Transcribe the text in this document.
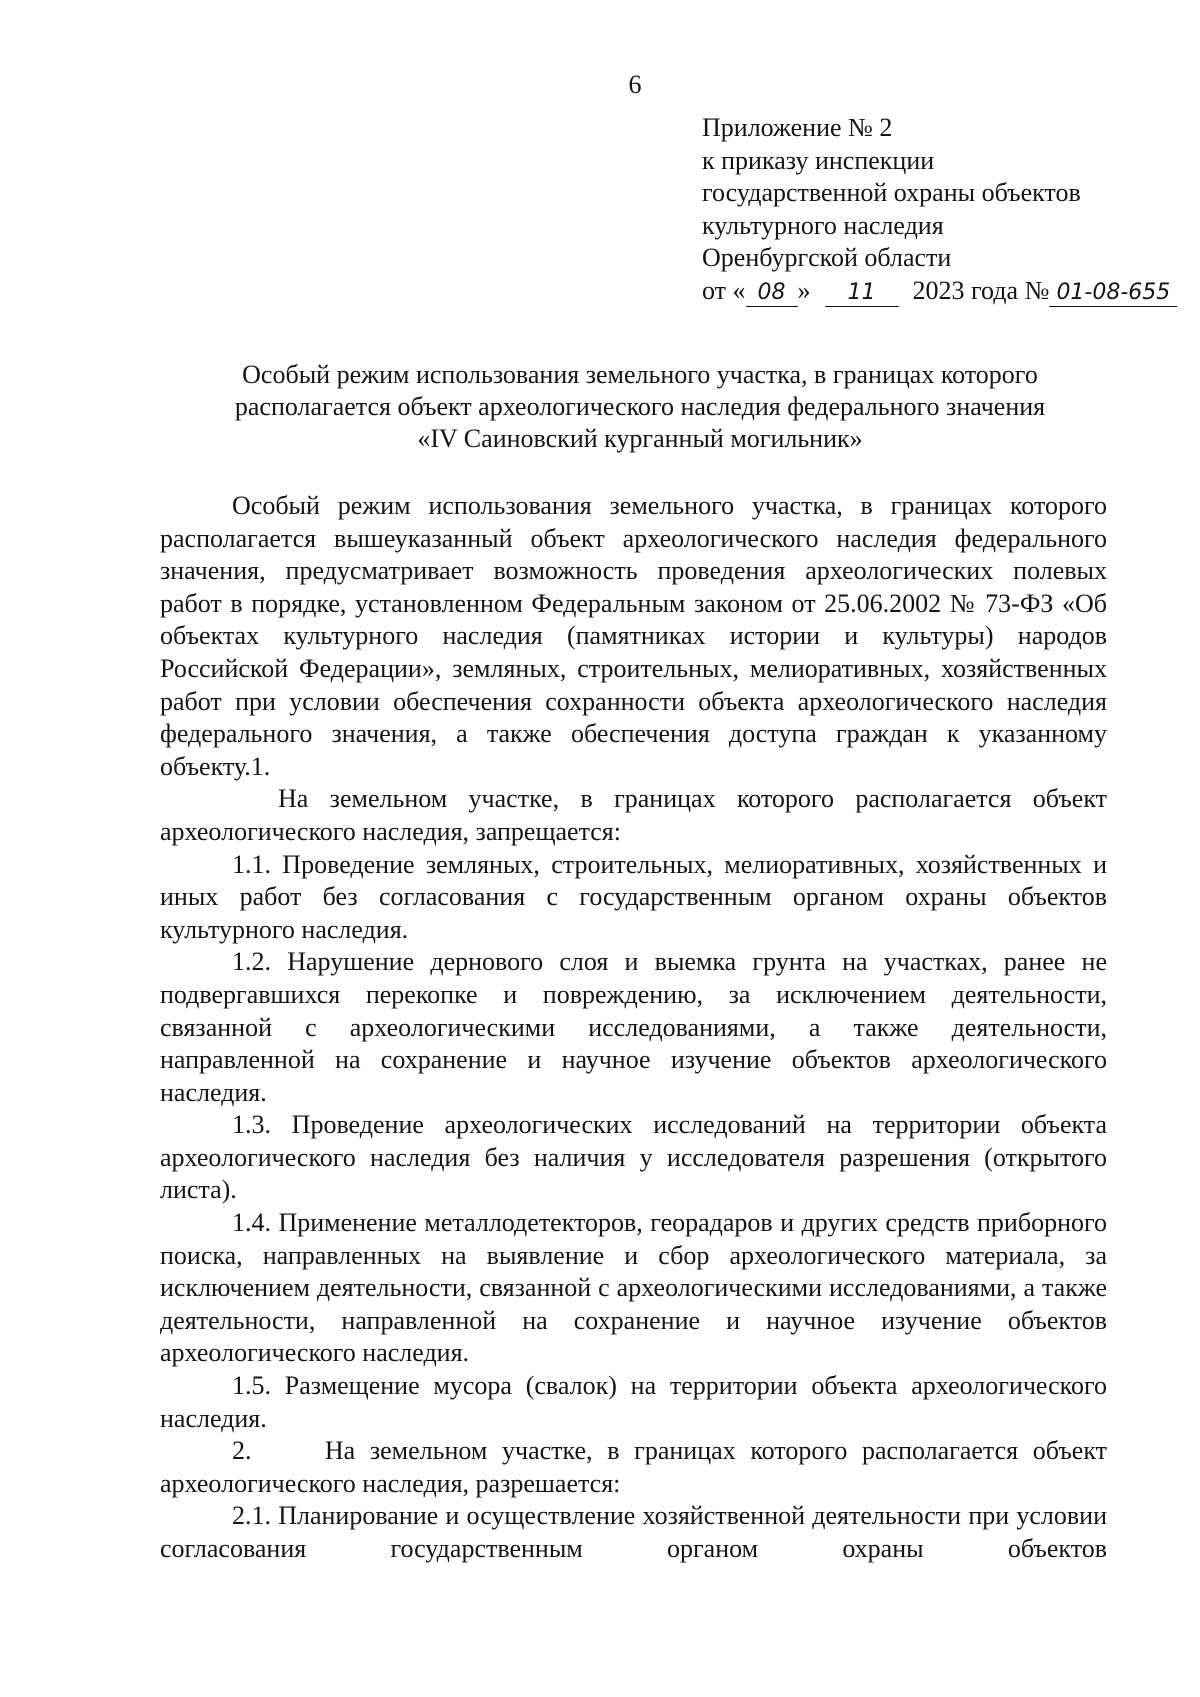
6
Приложение № 2
к приказу инспекции
государственной охраны объектов
культурного наследия
Оренбургской области
от « 08 » 11 2023 года № 01-08-655
Особый режим использования земельного участка, в границах которого
располагается объект археологического наследия федерального значения
«IV Саиновский курганный могильник»

Особый режим использования земельного участка, в границах которого располагается вышеуказанный объект археологического наследия федерального значения, предусматривает возможность проведения археологических полевых работ в порядке, установленном Федеральным законом от 25.06.2002 № 73-ФЗ «Об объектах культурного наследия (памятниках истории и культуры) народов Российской Федерации», земляных, строительных, мелиоративных, хозяйственных работ при условии обеспечения сохранности объекта археологического наследия федерального значения, а также обеспечения доступа граждан к указанному объекту.1.

На земельном участке, в границах которого располагается объект археологического наследия, запрещается:

1.1. Проведение земляных, строительных, мелиоративных, хозяйственных и иных работ без согласования с государственным органом охраны объектов культурного наследия.

1.2. Нарушение дернового слоя и выемка грунта на участках, ранее не подвергавшихся перекопке и повреждению, за исключением деятельности, связанной с археологическими исследованиями, а также деятельности, направленной на сохранение и научное изучение объектов археологического наследия.

1.3. Проведение археологических исследований на территории объекта археологического наследия без наличия у исследователя разрешения (открытого листа).

1.4. Применение металлодетекторов, георадаров и других средств приборного поиска, направленных на выявление и сбор археологического материала, за исключением деятельности, связанной с археологическими исследованиями, а также деятельности, направленной на сохранение и научное изучение объектов археологического наследия.

1.5. Размещение мусора (свалок) на территории объекта археологического наследия.

2.     На земельном участке, в границах которого располагается объект археологического наследия, разрешается:

2.1. Планирование и осуществление хозяйственной деятельности при условии согласования государственным органом охраны объектов
